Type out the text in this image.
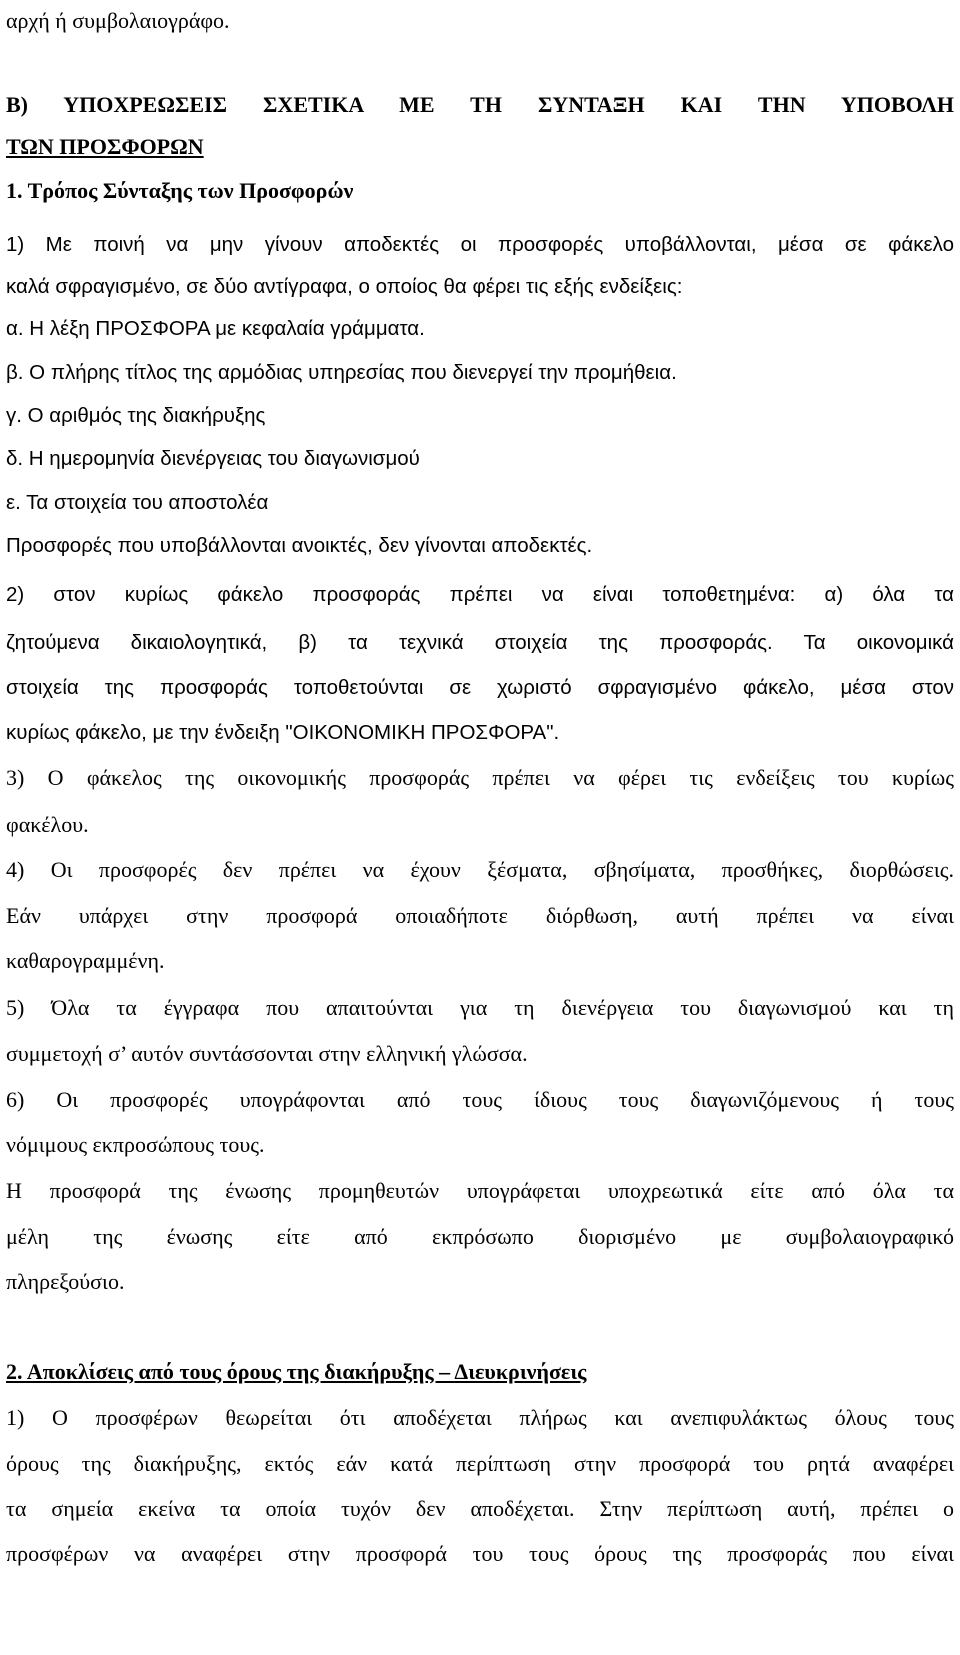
αρχή ή συμβολαιογράφο.
Β) ΥΠΟΧΡΕΩΣΕΙΣ ΣΧΕΤΙΚΑ ΜΕ ΤΗ ΣΥΝΤΑΞΗ ΚΑΙ ΤΗΝ ΥΠΟΒΟΛΗ
ΤΩΝ ΠΡΟΣΦΟΡΩΝ
1. Τρόπος Σύνταξης των Προσφορών
1) Με ποινή να μην γίνουν αποδεκτές οι προσφορές υποβάλλονται, μέσα σε φάκελο
καλά σφραγισμένο, σε δύο αντίγραφα, ο οποίος θα φέρει τις εξής ενδείξεις:
α. Η λέξη ΠΡΟΣΦΟΡΑ με κεφαλαία γράμματα.
β. Ο πλήρης τίτλος της αρμόδιας υπηρεσίας που διενεργεί την προμήθεια.
γ. Ο αριθμός της διακήρυξης
δ. Η ημερομηνία διενέργειας του διαγωνισμού
ε. Τα στοιχεία του αποστολέα
Προσφορές που υποβάλλονται ανοικτές, δεν γίνονται αποδεκτές.
2) στον κυρίως φάκελο προσφοράς πρέπει να είναι τοποθετημένα: α) όλα τα
ζητούμενα δικαιολογητικά, β) τα τεχνικά στοιχεία της προσφοράς. Τα οικονομικά
στοιχεία της προσφοράς τοποθετούνται σε χωριστό σφραγισμένο φάκελο, μέσα στον
κυρίως φάκελο, με την ένδειξη "ΟΙΚΟΝΟΜΙΚΗ ΠΡΟΣΦΟΡΑ".
3) Ο φάκελος της οικονομικής προσφοράς πρέπει να φέρει τις ενδείξεις του κυρίως
φακέλου.
4) Οι προσφορές δεν πρέπει να έχουν ξέσματα, σβησίματα, προσθήκες, διορθώσεις.
Εάν υπάρχει στην προσφορά οποιαδήποτε διόρθωση, αυτή πρέπει να είναι
καθαρογραμμένη.
5) Όλα τα έγγραφα που απαιτούνται για τη διενέργεια του διαγωνισμού και τη
συμμετοχή σ’ αυτόν συντάσσονται στην ελληνική γλώσσα.
6) Οι προσφορές υπογράφονται από τους ίδιους τους διαγωνιζόμενους ή τους
νόμιμους εκπροσώπους τους.
Η προσφορά της ένωσης προμηθευτών υπογράφεται υποχρεωτικά είτε από όλα τα
μέλη της ένωσης είτε από εκπρόσωπο διορισμένο με συμβολαιογραφικό
πληρεξούσιο.
2. Αποκλίσεις από τους όρους της διακήρυξης – Διευκρινήσεις
1) Ο προσφέρων θεωρείται ότι αποδέχεται πλήρως και ανεπιφυλάκτως όλους τους
όρους της διακήρυξης, εκτός εάν κατά περίπτωση στην προσφορά του ρητά αναφέρει
τα σημεία εκείνα τα οποία τυχόν δεν αποδέχεται. Στην περίπτωση αυτή, πρέπει ο
προσφέρων να αναφέρει στην προσφορά του τους όρους της προσφοράς που είναι
